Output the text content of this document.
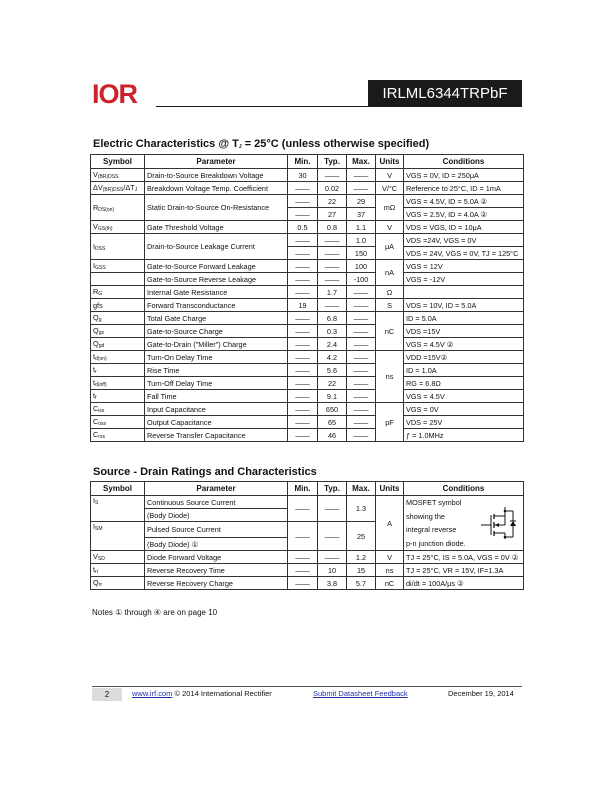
IOR	IRLML6344TRPbF
Electric Characteristics @ $T_J = 25^\circ C$ (unless otherwise specified)
Symbol	Parameter	Min.	Typ.	Max.	Units	Conditions
$V_{(BR)DSS}$	Drain-to-Source Breakdown Voltage	30	——	——	V	VGS = 0V, ID = 250μA
$\Delta V_{(BR)DSS}/\Delta T_J$	Breakdown Voltage Temp. Coefficient	——	0.02	——	V/°C	Reference to 25°C, ID = 1mA
$R_{DS(on)}$	Static Drain-to-Source On-Resistance	——	22	29	mΩ	VGS = 4.5V, ID = 5.0A ②
		——	27	37		VGS = 2.5V, ID = 4.0A ②
$V_{GS(th)}$	Gate Threshold Voltage	0.5	0.8	1.1	V	VDS = VGS, ID = 10μA
$I_{DSS}$	Drain-to-Source Leakage Current	——	——	1.0	μA	VDS =24V, VGS = 0V
		——	——	150		VDS = 24V, VGS = 0V, TJ = 125°C
$I_{GSS}$	Gate-to-Source Forward Leakage	——	——	100	nA	VGS = 12V
	Gate-to-Source Reverse Leakage	——	——	-100		VGS = -12V
$R_G$	Internal Gate Resistance	——	1.7	——	Ω	
gfs	Forward Transconductance	19	——	——	S	VDS = 10V, ID = 5.0A
$Q_g$	Total Gate Charge	——	6.8	——	nC	ID = 5.0A
$Q_{gs}$	Gate-to-Source Charge	——	0.3	——		VDS =15V
$Q_{gd}$	Gate-to-Drain ("Miller") Charge	——	2.4	——		VGS = 4.5V ②
$t_{d(on)}$	Turn-On Delay Time	——	4.2	——	ns	VDD =15V②
$t_r$	Rise Time	——	5.6	——		ID = 1.0A
$t_{d(off)}$	Turn-Off Delay Time	——	22	——		RG = 6.8Ω
$t_f$	Fall Time	——	9.1	——		VGS = 4.5V
$C_{iss}$	Input Capacitance	——	650	——	pF	VGS = 0V
$C_{oss}$	Output Capacitance	——	65	——		VDS = 25V
$C_{rss}$	Reverse Transfer Capacitance	——	46	——		ƒ = 1.0MHz
Source - Drain Ratings and Characteristics
Symbol	Parameter	Min.	Typ.	Max.	Units	Conditions
$I_S$	Continuous Source Current	——	——	1.3	A	MOSFET symbol
showing the
integral reverse
p-n junction diode.

	(Body Diode)					
$I_{SM}$	Pulsed Source Current	——	——	25		
	(Body Diode) ①					
$V_{SD}$	Diode Forward Voltage	——	——	1.2	V	TJ = 25°C, IS = 5.0A, VGS = 0V ②
$t_{rr}$	Reverse Recovery Time	——	10	15	ns	TJ = 25°C, VR = 15V, IF=1.3A
$Q_{rr}$	Reverse Recovery Charge	——	3.8	5.7	nC	di/dt = 100A/μs ②
Notes ① through ④ are on page 10
2	www.irf.com © 2014 International Rectifier	Submit Datasheet Feedback	December 19, 2014
